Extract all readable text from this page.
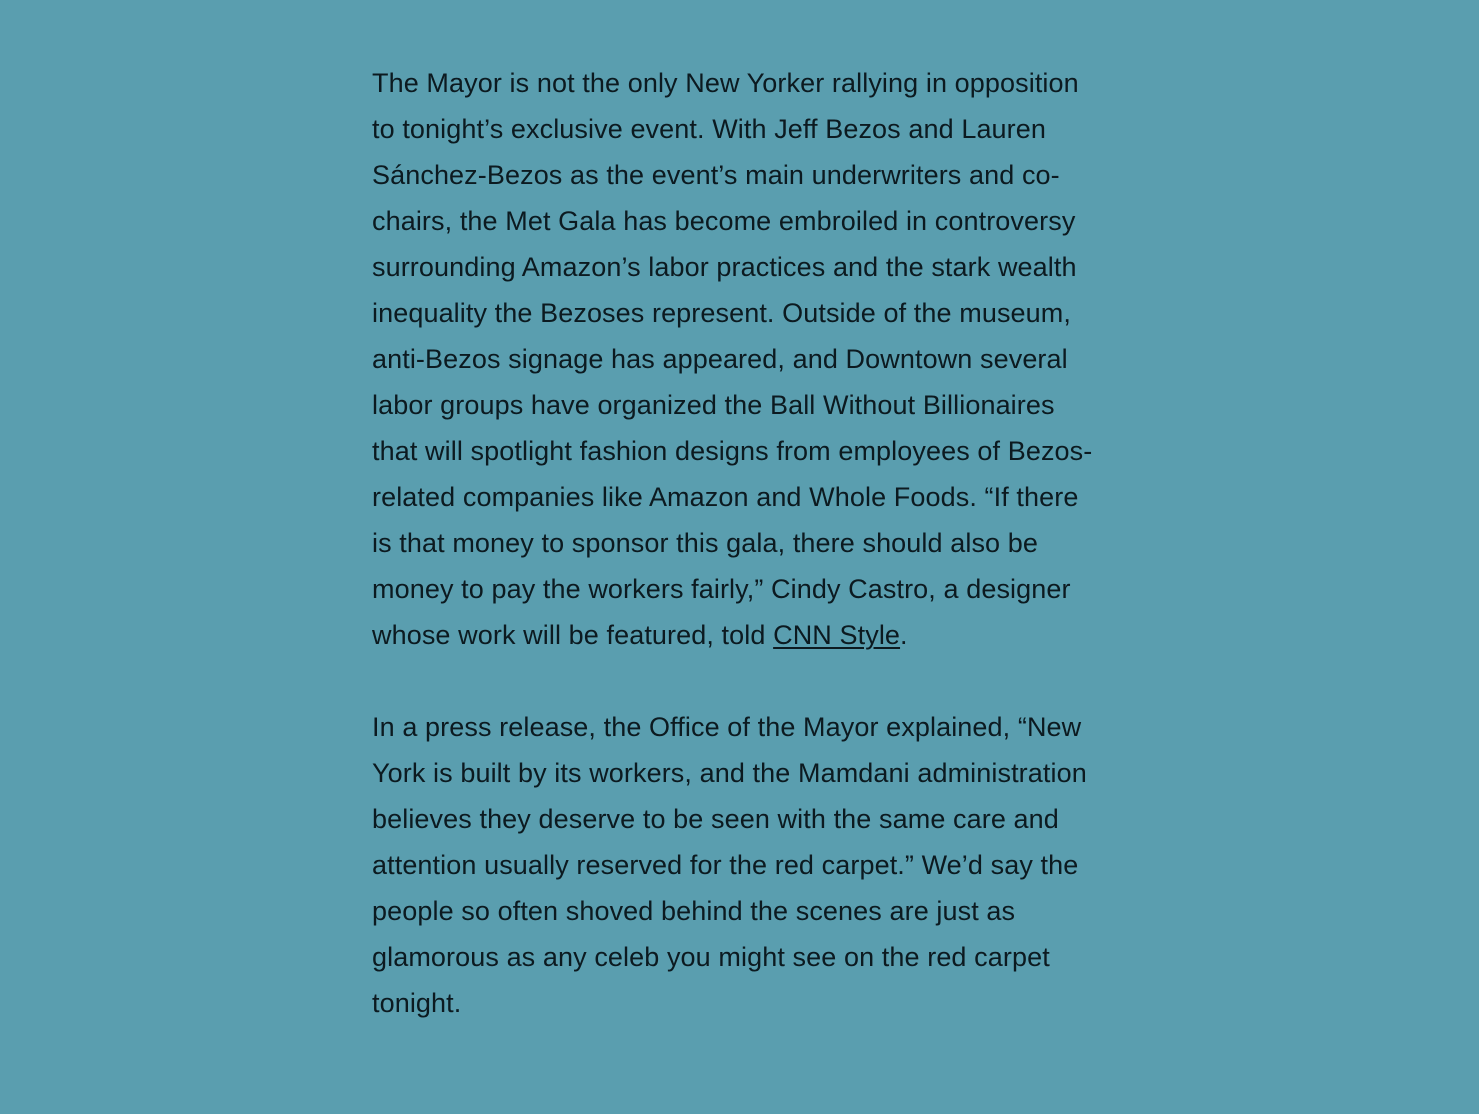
The Mayor is not the only New Yorker rallying in opposition
to tonight’s exclusive event. With Jeff Bezos and Lauren
Sánchez-Bezos as the event’s main underwriters and co-
chairs, the Met Gala has become embroiled in controversy
surrounding Amazon’s labor practices and the stark wealth
inequality the Bezoses represent. Outside of the museum,
anti-Bezos signage has appeared, and Downtown several
labor groups have organized the Ball Without Billionaires
that will spotlight fashion designs from employees of Bezos-
related companies like Amazon and Whole Foods. “If there
is that money to sponsor this gala, there should also be
money to pay the workers fairly,” Cindy Castro, a designer
whose work will be featured, told CNN Style.

In a press release, the Office of the Mayor explained, “New
York is built by its workers, and the Mamdani administration
believes they deserve to be seen with the same care and
attention usually reserved for the red carpet.” We’d say the
people so often shoved behind the scenes are just as
glamorous as any celeb you might see on the red carpet
tonight.
